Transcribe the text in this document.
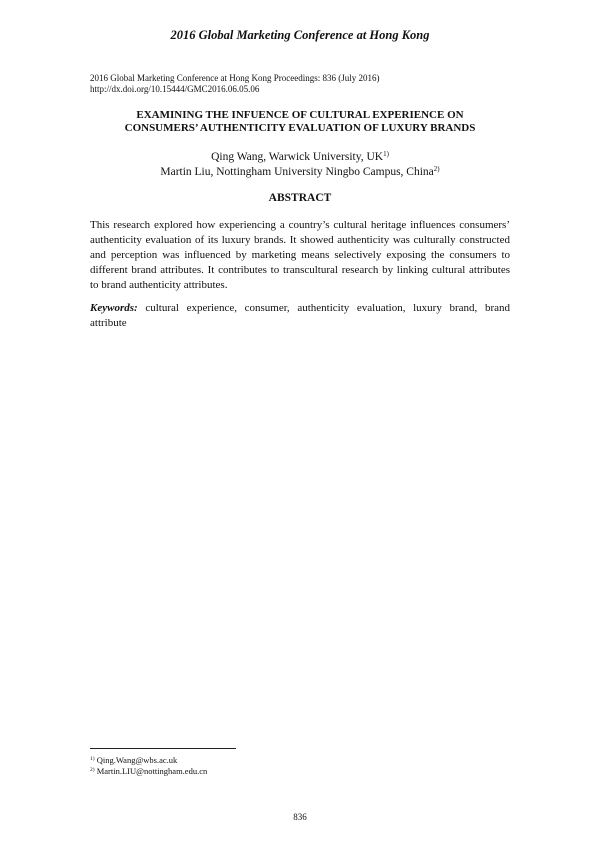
2016 Global Marketing Conference at Hong Kong
2016 Global Marketing Conference at Hong Kong Proceedings: 836 (July 2016)
http://dx.doi.org/10.15444/GMC2016.06.05.06
EXAMINING THE INFUENCE OF CULTURAL EXPERIENCE ON
CONSUMERS’ AUTHENTICITY EVALUATION OF LUXURY BRANDS
Qing Wang, Warwick University, UK$^{1)}$
Martin Liu, Nottingham University Ningbo Campus, China$^{2)}$
ABSTRACT

This research explored how experiencing a country’s cultural heritage influences consumers’ authenticity evaluation of its luxury brands. It showed authenticity was culturally constructed and perception was influenced by marketing means selectively exposing the consumers to different brand attributes. It contributes to transcultural research by linking cultural attributes to brand authenticity attributes.

Keywords: cultural experience, consumer, authenticity evaluation, luxury brand, brand attribute

$^{1)}$ Qing.Wang@wbs.ac.uk
$^{2)}$ Martin.LIU@nottingham.edu.cn
836
